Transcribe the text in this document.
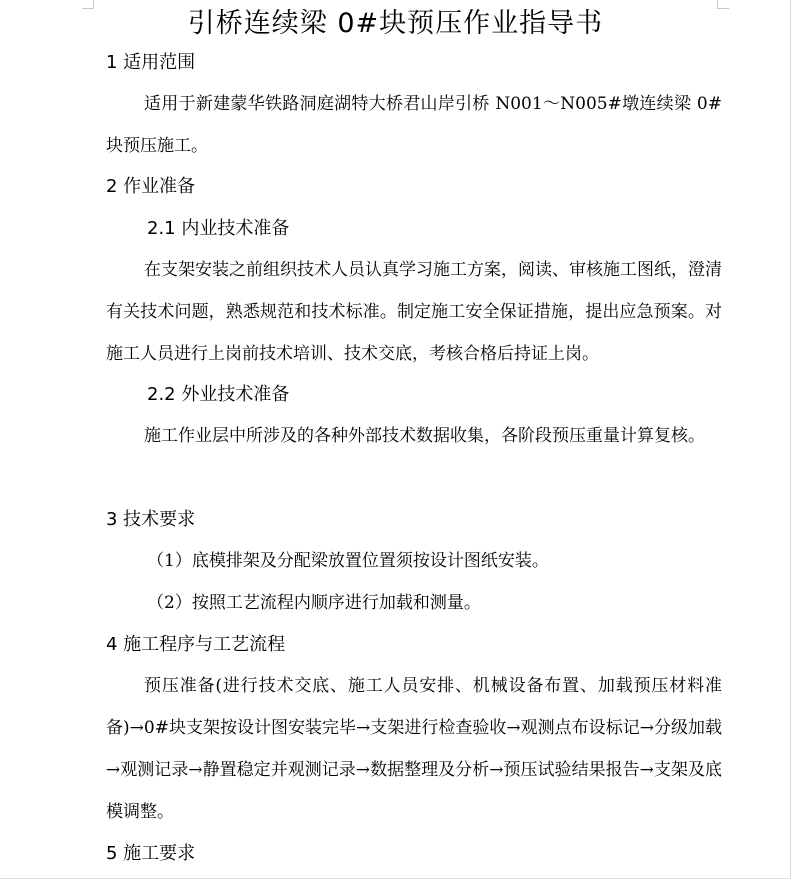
引桥连续梁 0#块预压作业指导书
1 适用范围

适用于新建蒙华铁路洞庭湖特大桥君山岸引桥 N001～N005#墩连续梁 0#块预压施工。

2 作业准备
2.1 内业技术准备

在支架安装之前组织技术人员认真学习施工方案，阅读、审核施工图纸，澄清有关技术问题，熟悉规范和技术标准。制定施工安全保证措施，提出应急预案。对施工人员进行上岗前技术培训、技术交底，考核合格后持证上岗。

2.2 外业技术准备

施工作业层中所涉及的各种外部技术数据收集，各阶段预压重量计算复核。

3 技术要求
（1）底模排架及分配梁放置位置须按设计图纸安装。
（2）按照工艺流程内顺序进行加载和测量。
4 施工程序与工艺流程

预压准备(进行技术交底、施工人员安排、机械设备布置、加载预压材料准备)→0#块支架按设计图安装完毕→支架进行检查验收→观测点布设标记→分级加载→观测记录→静置稳定并观测记录→数据整理及分析→预压试验结果报告→支架及底模调整。

5 施工要求
